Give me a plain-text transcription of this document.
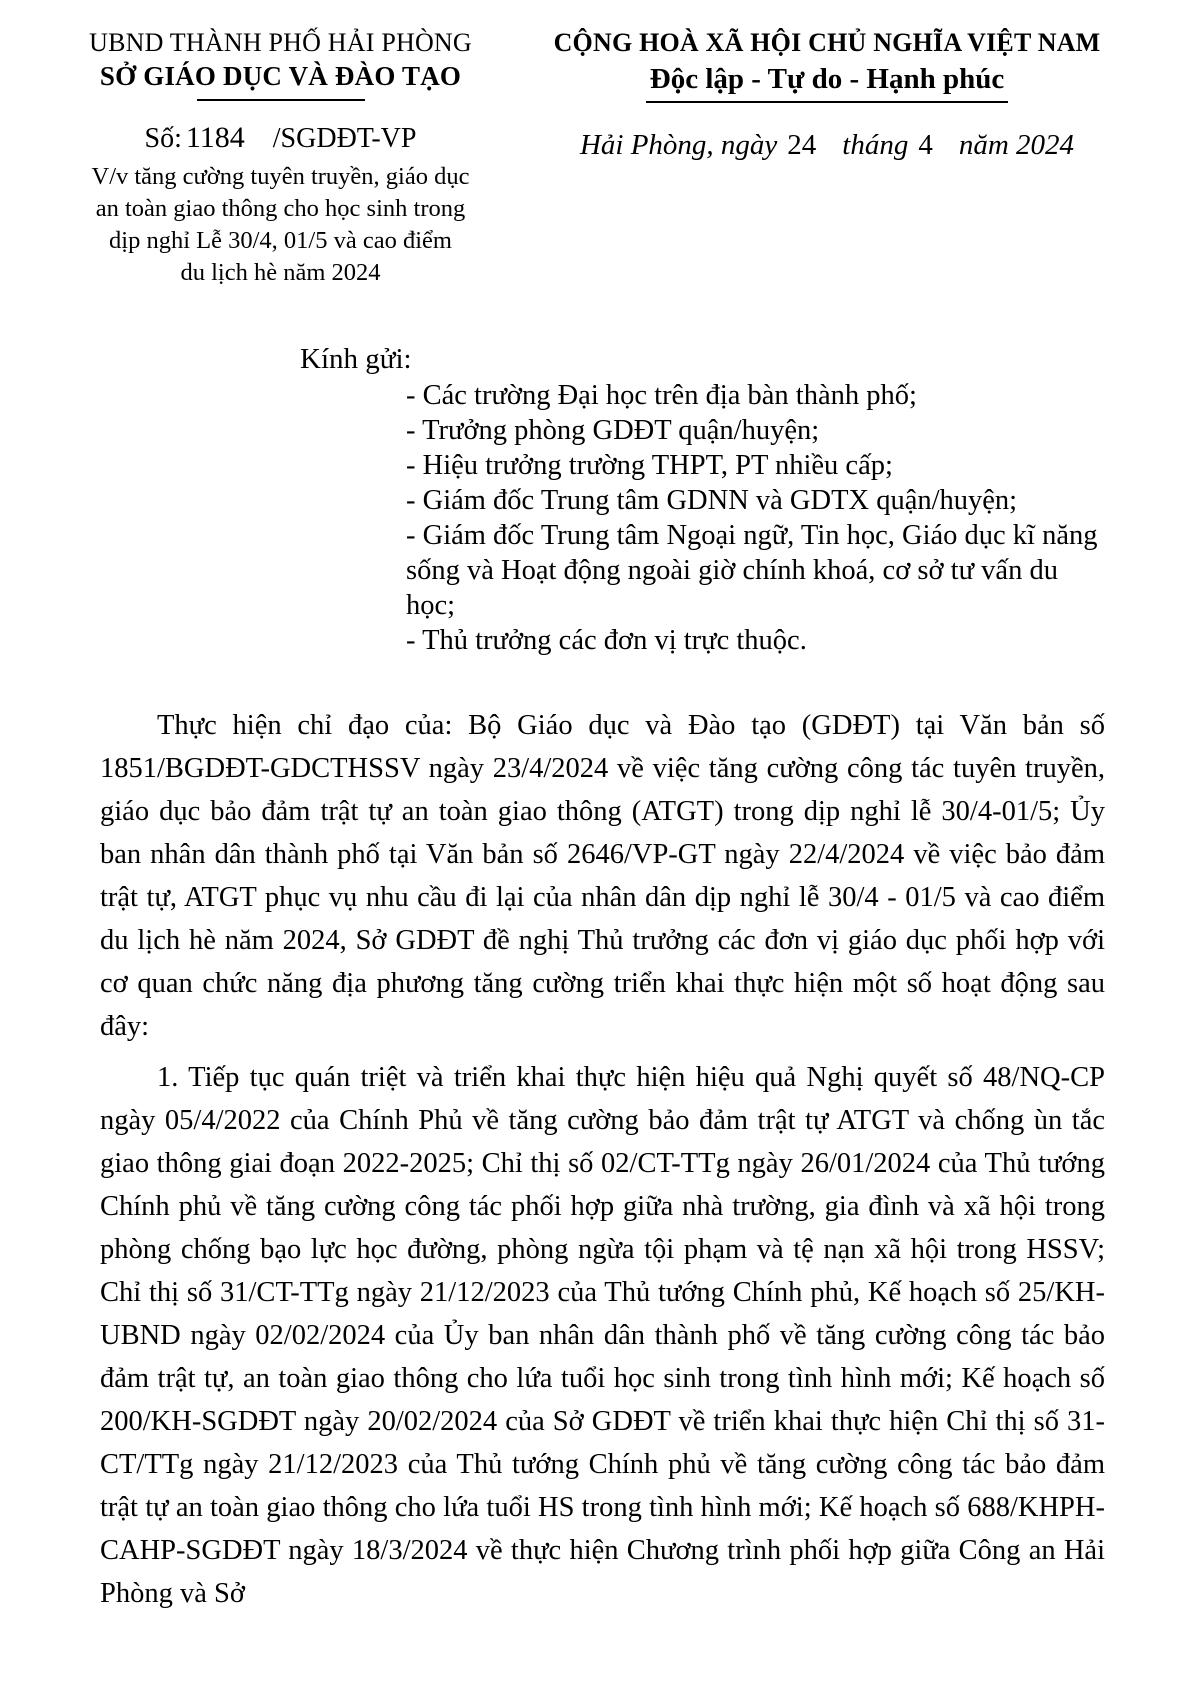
UBND THÀNH PHỐ HẢI PHÒNG
SỞ GIÁO DỤC VÀ ĐÀO TẠO
Số: 1184 /SGDĐT-VP
V/v tăng cường tuyên truyền, giáo dục
an toàn giao thông cho học sinh trong
dịp nghỉ Lễ 30/4, 01/5 và cao điểm
du lịch hè năm 2024
CỘNG HOÀ XÃ HỘI CHỦ NGHĨA VIỆT NAM
Độc lập - Tự do - Hạnh phúc
Hải Phòng, ngày 24 tháng 4 năm 2024
Kính gửi:
- Các trường Đại học trên địa bàn thành phố;
- Trưởng phòng GDĐT quận/huyện;
- Hiệu trưởng trường THPT, PT nhiều cấp;
- Giám đốc Trung tâm GDNN và GDTX quận/huyện;
- Giám đốc Trung tâm Ngoại ngữ, Tin học, Giáo dục kĩ năng sống và Hoạt động ngoài giờ chính khoá, cơ sở tư vấn du học;
- Thủ trưởng các đơn vị trực thuộc.

Thực hiện chỉ đạo của: Bộ Giáo dục và Đào tạo (GDĐT) tại Văn bản số 1851/BGDĐT-GDCTHSSV ngày 23/4/2024 về việc tăng cường công tác tuyên truyền, giáo dục bảo đảm trật tự an toàn giao thông (ATGT) trong dịp nghỉ lễ 30/4-01/5; Ủy ban nhân dân thành phố tại Văn bản số 2646/VP-GT ngày 22/4/2024 về việc bảo đảm trật tự, ATGT phục vụ nhu cầu đi lại của nhân dân dịp nghỉ lễ 30/4 - 01/5 và cao điểm du lịch hè năm 2024, Sở GDĐT đề nghị Thủ trưởng các đơn vị giáo dục phối hợp với cơ quan chức năng địa phương tăng cường triển khai thực hiện một số hoạt động sau đây:

1. Tiếp tục quán triệt và triển khai thực hiện hiệu quả Nghị quyết số 48/NQ-CP ngày 05/4/2022 của Chính Phủ về tăng cường bảo đảm trật tự ATGT và chống ùn tắc giao thông giai đoạn 2022-2025; Chỉ thị số 02/CT-TTg ngày 26/01/2024 của Thủ tướng Chính phủ về tăng cường công tác phối hợp giữa nhà trường, gia đình và xã hội trong phòng chống bạo lực học đường, phòng ngừa tội phạm và tệ nạn xã hội trong HSSV; Chỉ thị số 31/CT-TTg ngày 21/12/2023 của Thủ tướng Chính phủ, Kế hoạch số 25/KH-UBND ngày 02/02/2024 của Ủy ban nhân dân thành phố về tăng cường công tác bảo đảm trật tự, an toàn giao thông cho lứa tuổi học sinh trong tình hình mới; Kế hoạch số 200/KH-SGDĐT ngày 20/02/2024 của Sở GDĐT về triển khai thực hiện Chỉ thị số 31-CT/TTg ngày 21/12/2023 của Thủ tướng Chính phủ về tăng cường công tác bảo đảm trật tự an toàn giao thông cho lứa tuổi HS trong tình hình mới; Kế hoạch số 688/KHPH-CAHP-SGDĐT ngày 18/3/2024 về thực hiện Chương trình phối hợp giữa Công an Hải Phòng và Sở
